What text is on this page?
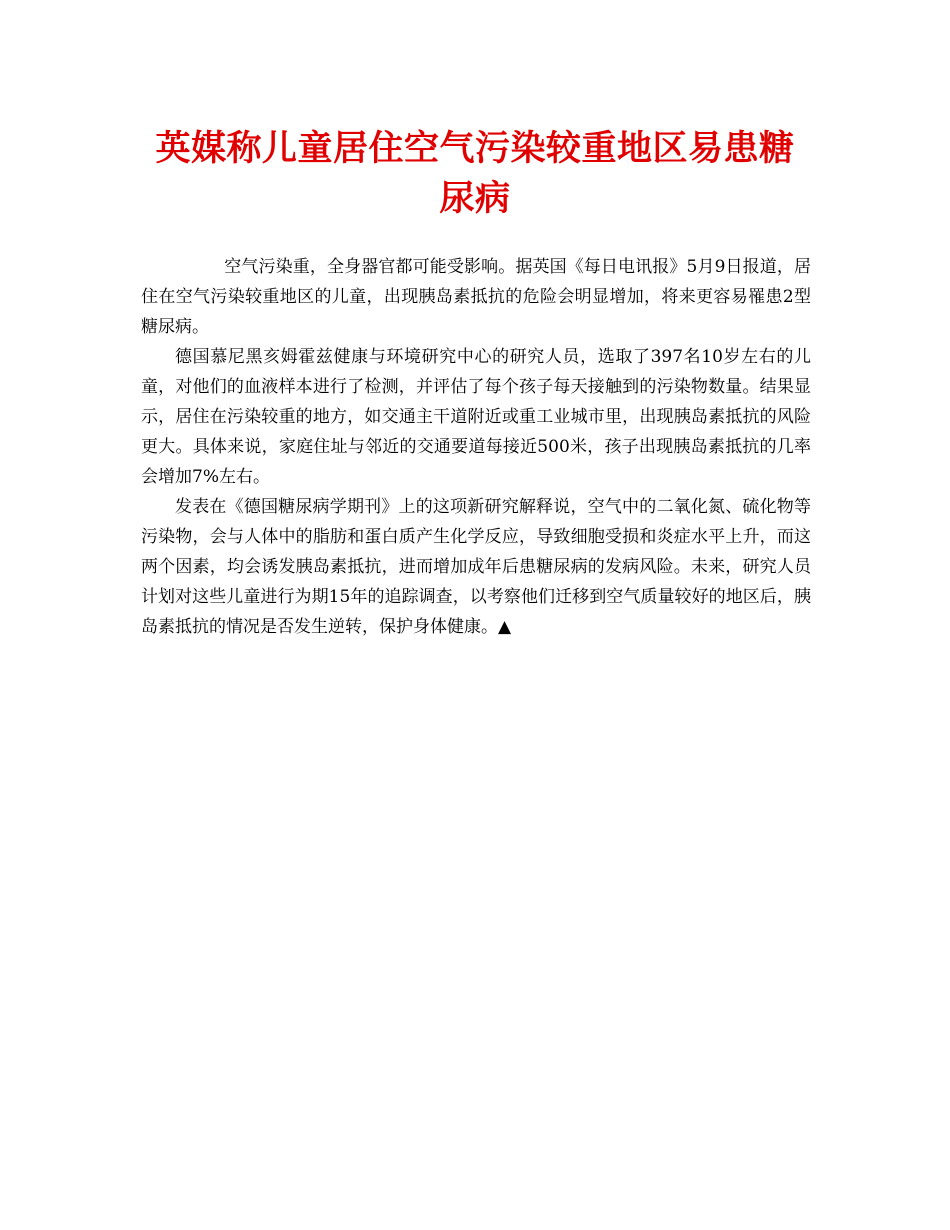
英媒称儿童居住空气污染较重地区易患糖尿病

空气污染重，全身器官都可能受影响。据英国《每日电讯报》5月9日报道，居住在空气污染较重地区的儿童，出现胰岛素抵抗的危险会明显增加，将来更容易罹患2型糖尿病。

德国慕尼黑亥姆霍兹健康与环境研究中心的研究人员，选取了397名10岁左右的儿童，对他们的血液样本进行了检测，并评估了每个孩子每天接触到的污染物数量。结果显示，居住在污染较重的地方，如交通主干道附近或重工业城市里，出现胰岛素抵抗的风险更大。具体来说，家庭住址与邻近的交通要道每接近500米，孩子出现胰岛素抵抗的几率会增加7%左右。

发表在《德国糖尿病学期刊》上的这项新研究解释说，空气中的二氧化氮、硫化物等污染物，会与人体中的脂肪和蛋白质产生化学反应，导致细胞受损和炎症水平上升，而这两个因素，均会诱发胰岛素抵抗，进而增加成年后患糖尿病的发病风险。未来，研究人员计划对这些儿童进行为期15年的追踪调查，以考察他们迁移到空气质量较好的地区后，胰岛素抵抗的情况是否发生逆转，保护身体健康。▲
